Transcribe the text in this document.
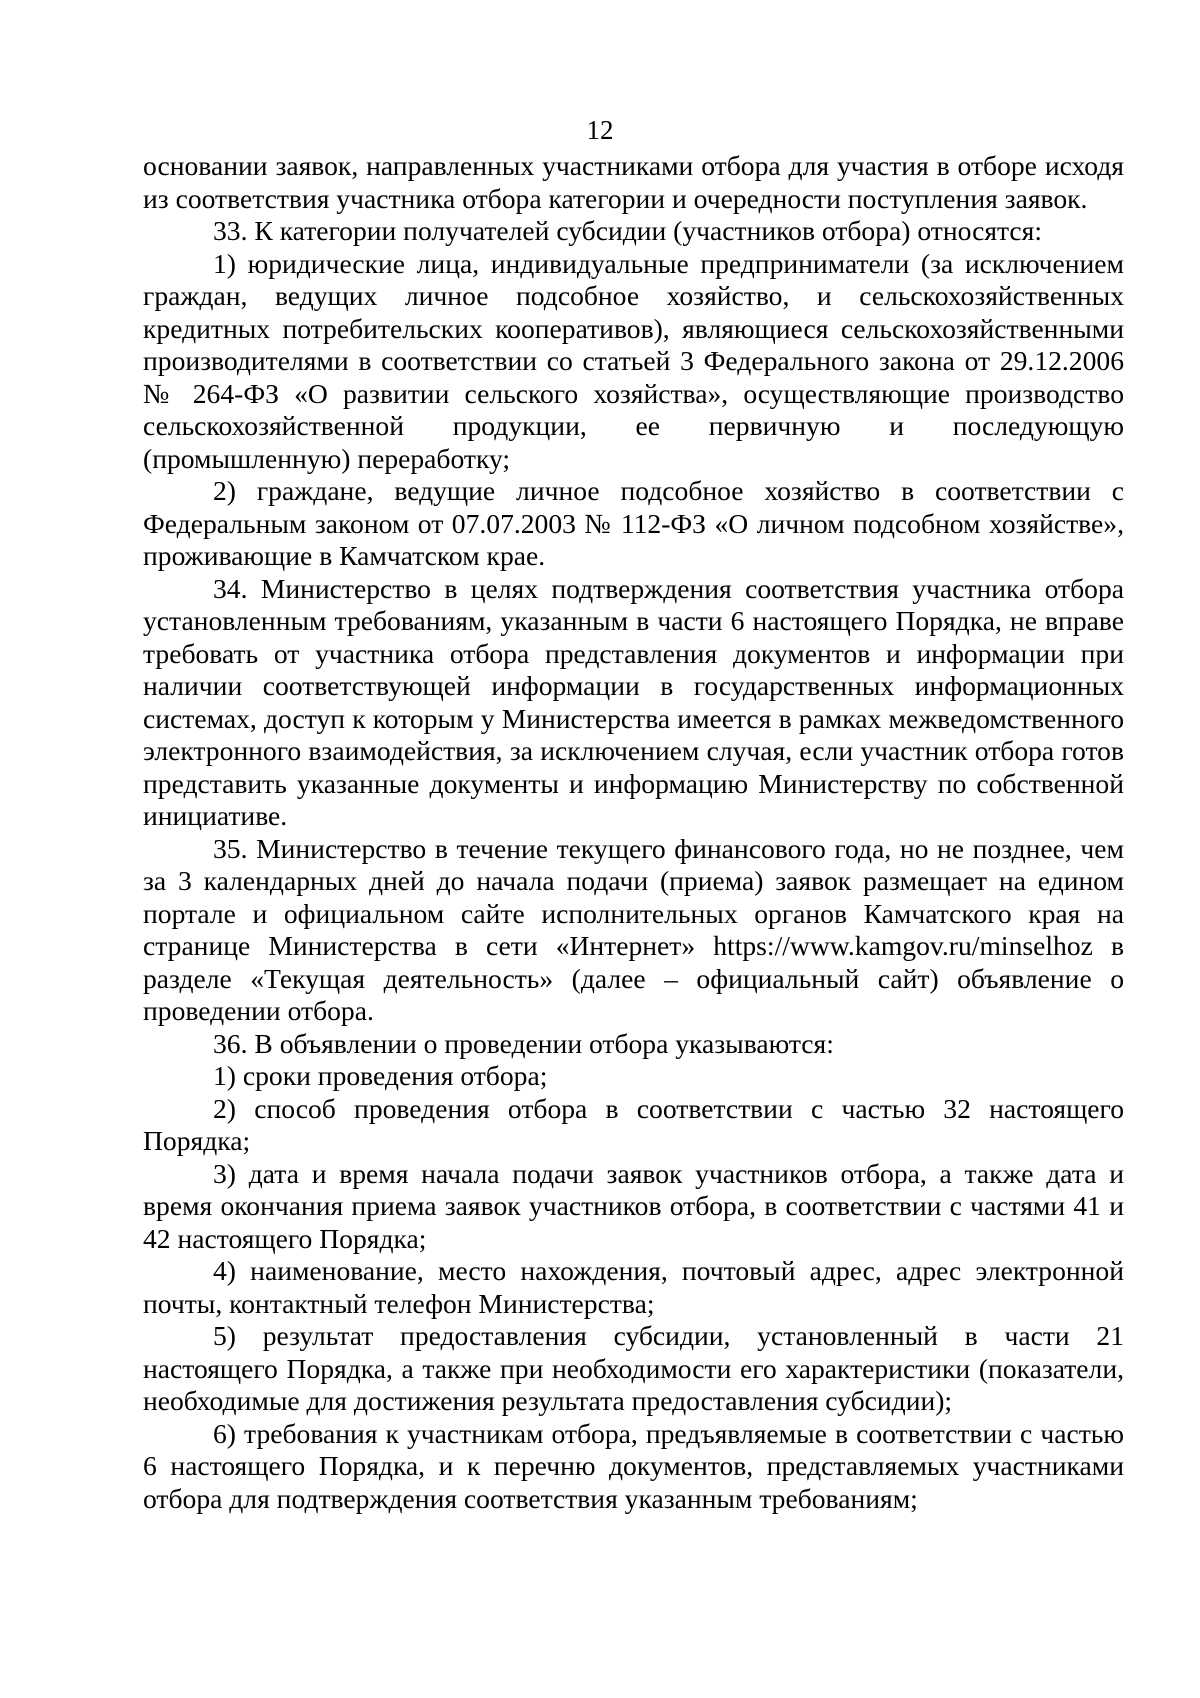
12

основании заявок, направленных участниками отбора для участия в отборе исходя из соответствия участника отбора категории и очередности поступления заявок.

33. К категории получателей субсидии (участников отбора) относятся:

1) юридические лица, индивидуальные предприниматели (за исключением граждан, ведущих личное подсобное хозяйство, и сельскохозяйственных кредитных потребительских кооперативов), являющиеся сельскохозяйственными производителями в соответствии со статьей 3 Федерального закона от 29.12.2006 № 264-ФЗ «О развитии сельского хозяйства», осуществляющие производство сельскохозяйственной продукции, ее первичную и последующую (промышленную) переработку;

2) граждане, ведущие личное подсобное хозяйство в соответствии с Федеральным законом от 07.07.2003 № 112-ФЗ «О личном подсобном хозяйстве», проживающие в Камчатском крае.

34. Министерство в целях подтверждения соответствия участника отбора установленным требованиям, указанным в части 6 настоящего Порядка, не вправе требовать от участника отбора представления документов и информации при наличии соответствующей информации в государственных информационных системах, доступ к которым у Министерства имеется в рамках межведомственного электронного взаимодействия, за исключением случая, если участник отбора готов представить указанные документы и информацию Министерству по собственной инициативе.

35. Министерство в течение текущего финансового года, но не позднее, чем за 3 календарных дней до начала подачи (приема) заявок размещает на едином портале и официальном сайте исполнительных органов Камчатского края на странице Министерства в сети «Интернет» https://www.kamgov.ru/minselhoz в разделе «Текущая деятельность» (далее – официальный сайт) объявление о проведении отбора.

36. В объявлении о проведении отбора указываются:

1) сроки проведения отбора;

2) способ проведения отбора в соответствии с частью 32 настоящего Порядка;

3) дата и время начала подачи заявок участников отбора, а также дата и время окончания приема заявок участников отбора, в соответствии с частями 41 и 42 настоящего Порядка;

4) наименование, место нахождения, почтовый адрес, адрес электронной почты, контактный телефон Министерства;

5) результат предоставления субсидии, установленный в части 21 настоящего Порядка, а также при необходимости его характеристики (показатели, необходимые для достижения результата предоставления субсидии);

6) требования к участникам отбора, предъявляемые в соответствии с частью 6 настоящего Порядка, и к перечню документов, представляемых участниками отбора для подтверждения соответствия указанным требованиям;
